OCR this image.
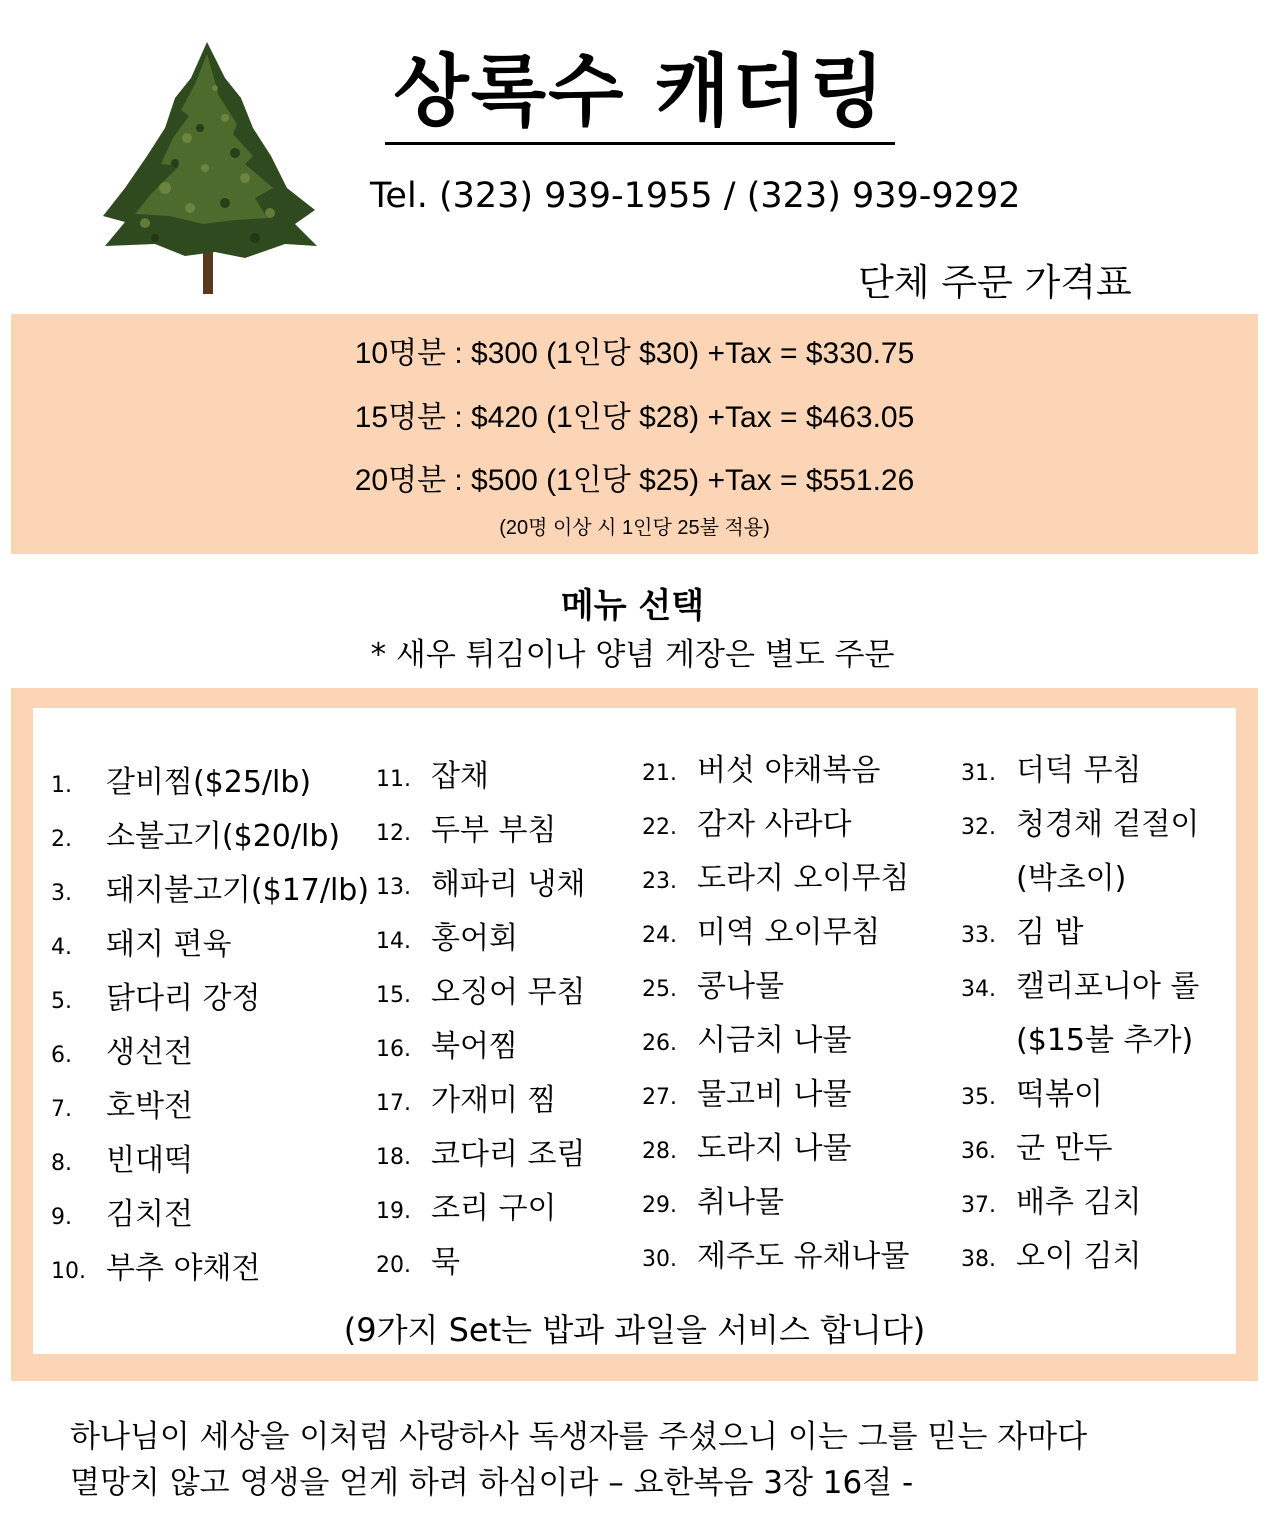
상록수 캐더링
Tel. (323) 939-1955 / (323) 939-9292
단체 주문 가격표
10명분 : $300 (1인당 $30) +Tax = $330.75
15명분 : $420 (1인당 $28) +Tax = $463.05
20명분 : $500 (1인당 $25) +Tax = $551.26
(20명 이상 시 1인당 25불 적용)
메뉴 선택
* 새우 튀김이나 양념 게장은 별도 주문
1. 갈비찜($25/lb)
2. 소불고기($20/lb)
3. 돼지불고기($17/lb)
4. 돼지 편육
5. 닭다리 강정
6. 생선전
7. 호박전
8. 빈대떡
9. 김치전
10. 부추 야채전
11. 잡채
12. 두부 부침
13. 해파리 냉채
14. 홍어회
15. 오징어 무침
16. 북어찜
17. 가재미 찜
18. 코다리 조림
19. 조리 구이
20. 묵
21. 버섯 야채복음
22. 감자 사라다
23. 도라지 오이무침
24. 미역 오이무침
25. 콩나물
26. 시금치 나물
27. 물고비 나물
28. 도라지 나물
29. 취나물
30. 제주도 유채나물
31. 더덕 무침
32. 청경채 겉절이
(박초이)
33. 김 밥
34. 캘리포니아 롤
($15불 추가)
35. 떡볶이
36. 군 만두
37. 배추 김치
38. 오이 김치
(9가지 Set는 밥과 과일을 서비스 합니다)
하나님이 세상을 이처럼 사랑하사 독생자를 주셨으니 이는 그를 믿는 자마다
멸망치 않고 영생을 얻게 하려 하심이라 – 요한복음 3장 16절 -
